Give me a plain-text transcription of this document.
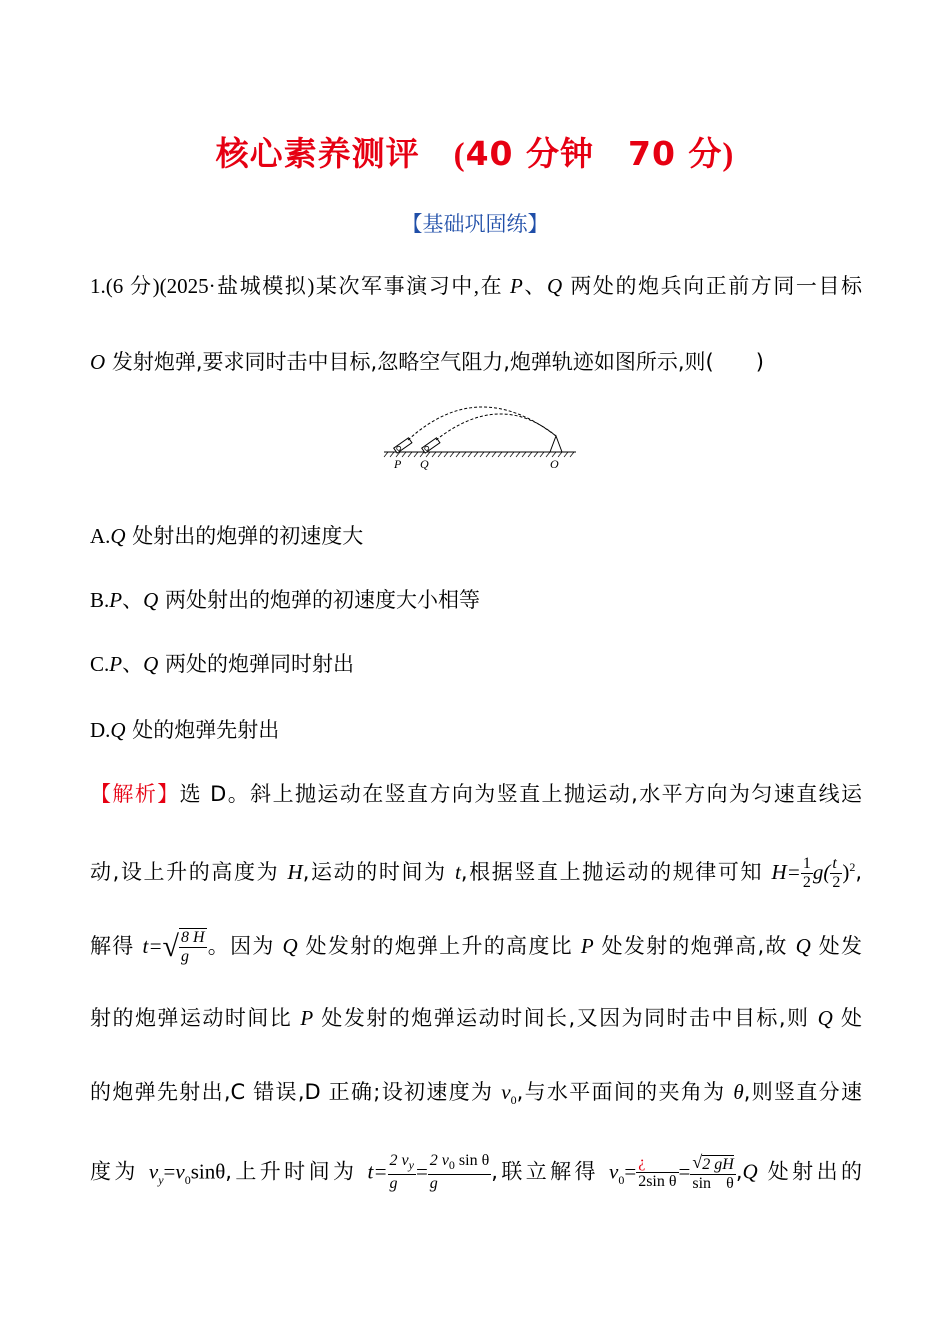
核心素养测评 (40 分钟 70 分)
【基础巩固练】
1.(6 分)(2025·盐城模拟)某次军事演习中,在 P、Q 两处的炮兵向正前方同一目标
O 发射炮弹,要求同时击中目标,忽略空气阻力,炮弹轨迹如图所示,则(　　)
P Q	O
A.Q 处射出的炮弹的初速度大
B.P、Q 两处射出的炮弹的初速度大小相等
C.P、Q 两处的炮弹同时射出
D.Q 处的炮弹先射出
【解析】选 D。斜上抛运动在竖直方向为竖直上抛运动,水平方向为匀速直线运
动,设上升的高度为 H,运动的时间为 t,根据竖直上抛运动的规律可知 $H= \frac{1}{2} g( \frac{t}{2} )^2$,
解得 $t=√ \frac{8 H}{g}$ 。因为 Q 处发射的炮弹上升的高度比 P 处发射的炮弹高,故 Q 处发
射的炮弹运动时间比 P 处发射的炮弹运动时间长,又因为同时击中目标,则 Q 处
的炮弹先射出,C 错误,D 正确;设初速度为 $v_0$,与水平面间的夹角为 θ,则竖直分速
度为 $v_y=v_0\sin\theta$,上升时间为 $t= \frac{2 v_y}{g} = \frac{2 v_0 \sin \theta}{g}$ ,联立解得 $v_0= \frac{¿}{\text{2sin θ}} = \frac{√2 gH}{\text{sin θ}} ,Q$ 处射出的
